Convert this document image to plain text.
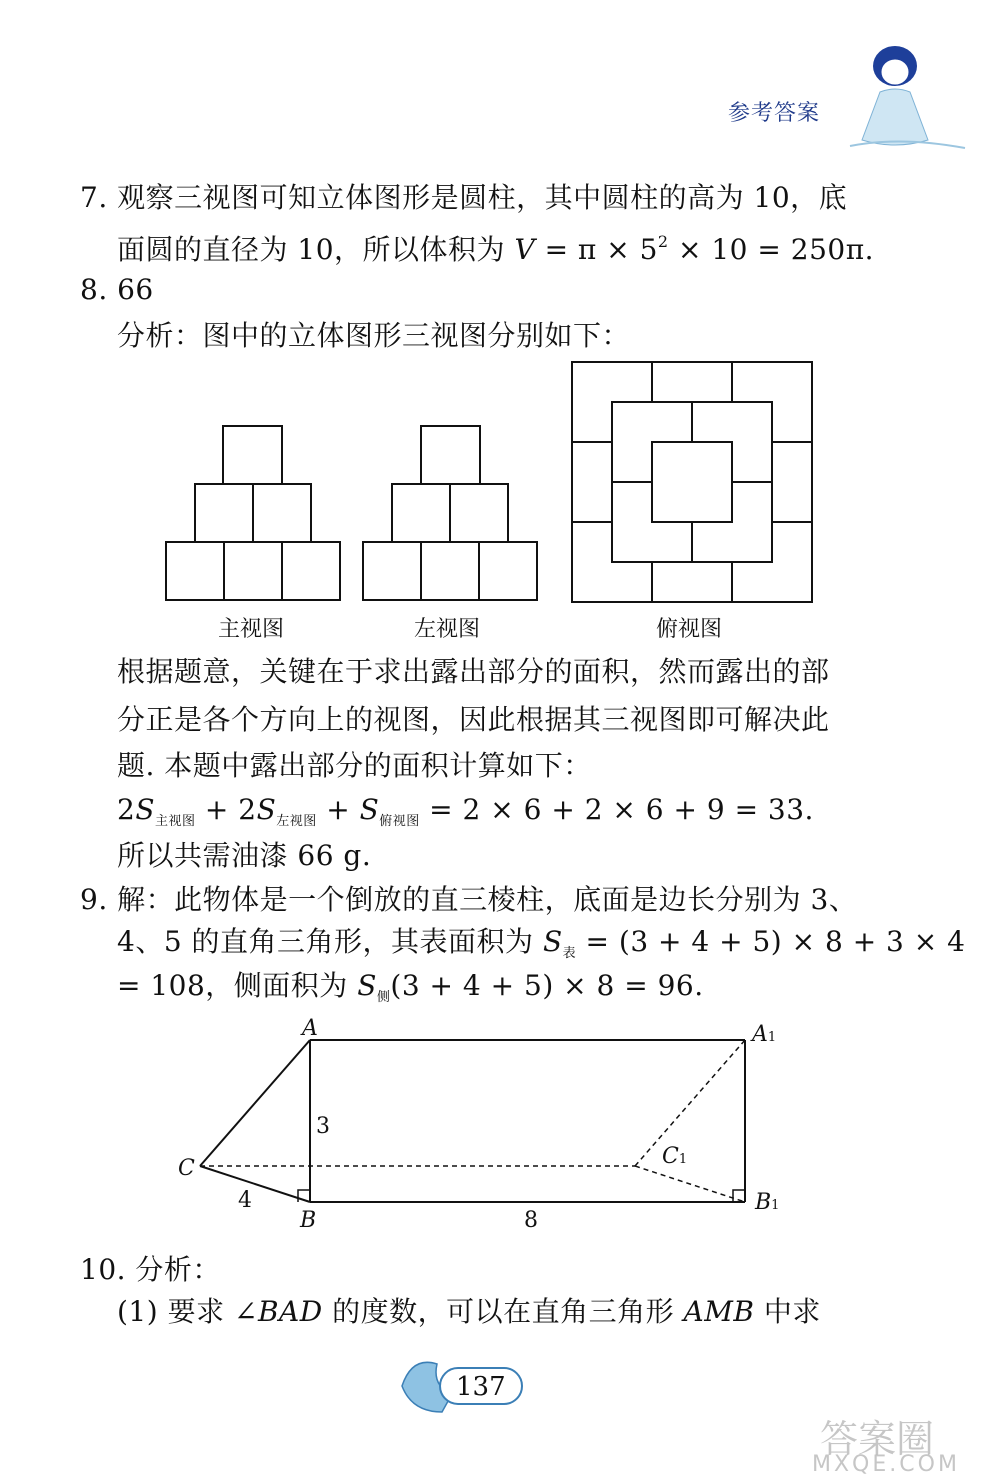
参考答案
7. 观察三视图可知立体图形是圆柱，其中圆柱的高为 10，底
面圆的直径为 10，所以体积为 $V = \pi \times 5^2 \times 10 = 250\pi$.
8. 66
分析：图中的立体图形三视图分别如下：
主视图	左视图	俯视图
根据题意，关键在于求出露出部分的面积，然而露出的部
分正是各个方向上的视图，因此根据其三视图即可解决此
题. 本题中露出部分的面积计算如下：
$2S_{主视图} + 2S_{左视图} + S_{俯视图} = 2 \times 6 + 2 \times 6 + 9 = 33$.
所以共需油漆 66 g.
9. 解：此物体是一个倒放的直三棱柱，底面是边长分别为 3、
4、5 的直角三角形，其表面积为 $S_表 = (3 + 4 + 5) \times 8 + 3 \times 4$
= 108，侧面积为 $S_侧(3 + 4 + 5) \times 8 = 96$.
A	A1
C	C1
B
B1
3
4
8
10. 分析：
(1) 要求 ∠BAD 的度数，可以在直角三角形 AMB 中求
137
答案圈
MXQE.COM
